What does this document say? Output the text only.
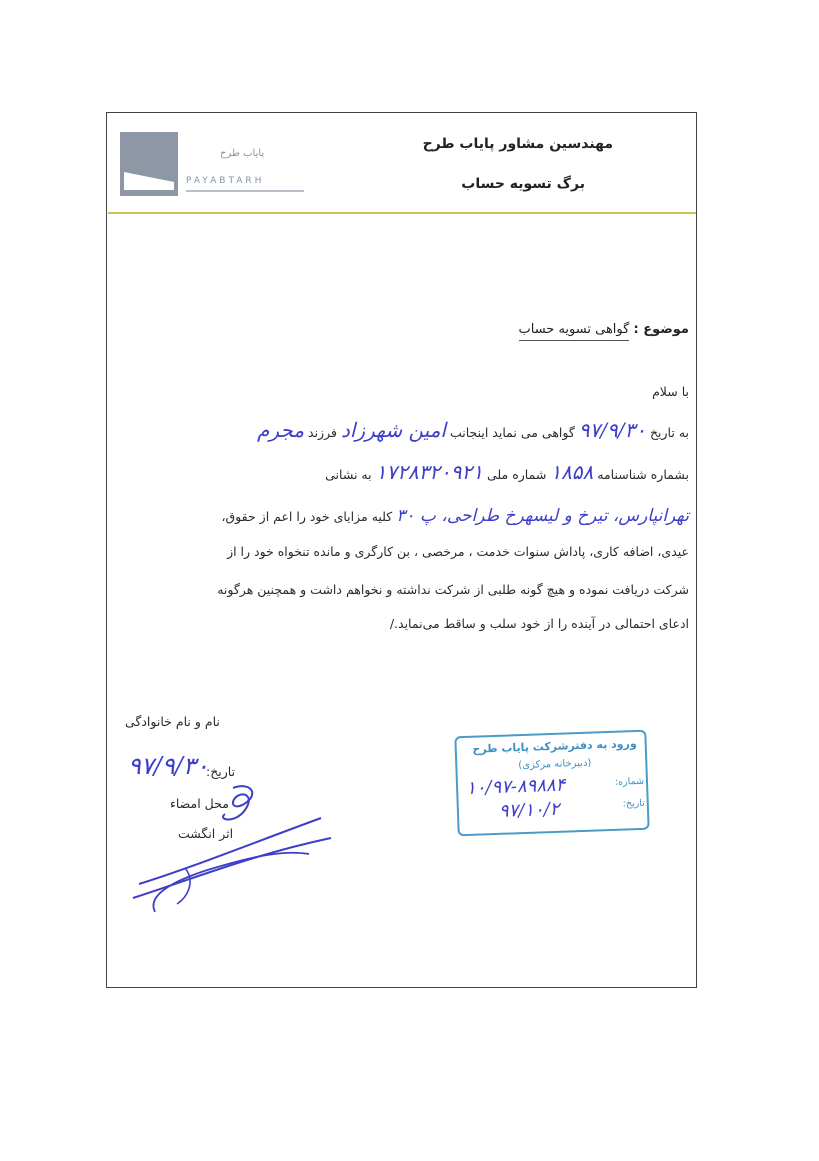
پایاب طرح
PAYABTARH
مهندسین مشاور پایاب طرح
برگ تسویه حساب
موضوع : گواهی تسویه حساب
با سلام
به تاریخ ۹۷/۹/۳۰ گواهی می نماید اینجانب امین شهرزاد فرزند مجرم
بشماره شناسنامه ۱۸۵۸ شماره ملی ۱۷۲۸۳۲۰۹۲۱ به نشانی
تهرانپارس، تیرخ و لیسهرخ طراحی، پ ۳۰ کلیه مزایای خود را اعم از حقوق،
عیدی، اضافه کاری، پاداش سنوات خدمت ، مرخصی ، بن کارگری و مانده تنخواه خود را از
شرکت دریافت نموده و هیچ گونه طلبی از شرکت نداشته و نخواهم داشت و همچنین هرگونه
ادعای احتمالی در آینده را از خود سلب و ساقط می‌نماید./
نام و نام خانوادگی
۹۷/۹/۳۰
تاریخ:
محل امضاء
اثر انگشت
ورود به دفترشرکت پایاب طرح
(دبیرخانه مرکزی)
شماره:
۱۰/۹۷-۸۹۸۸۴
تاریخ:
۹۷/۱۰/۲
